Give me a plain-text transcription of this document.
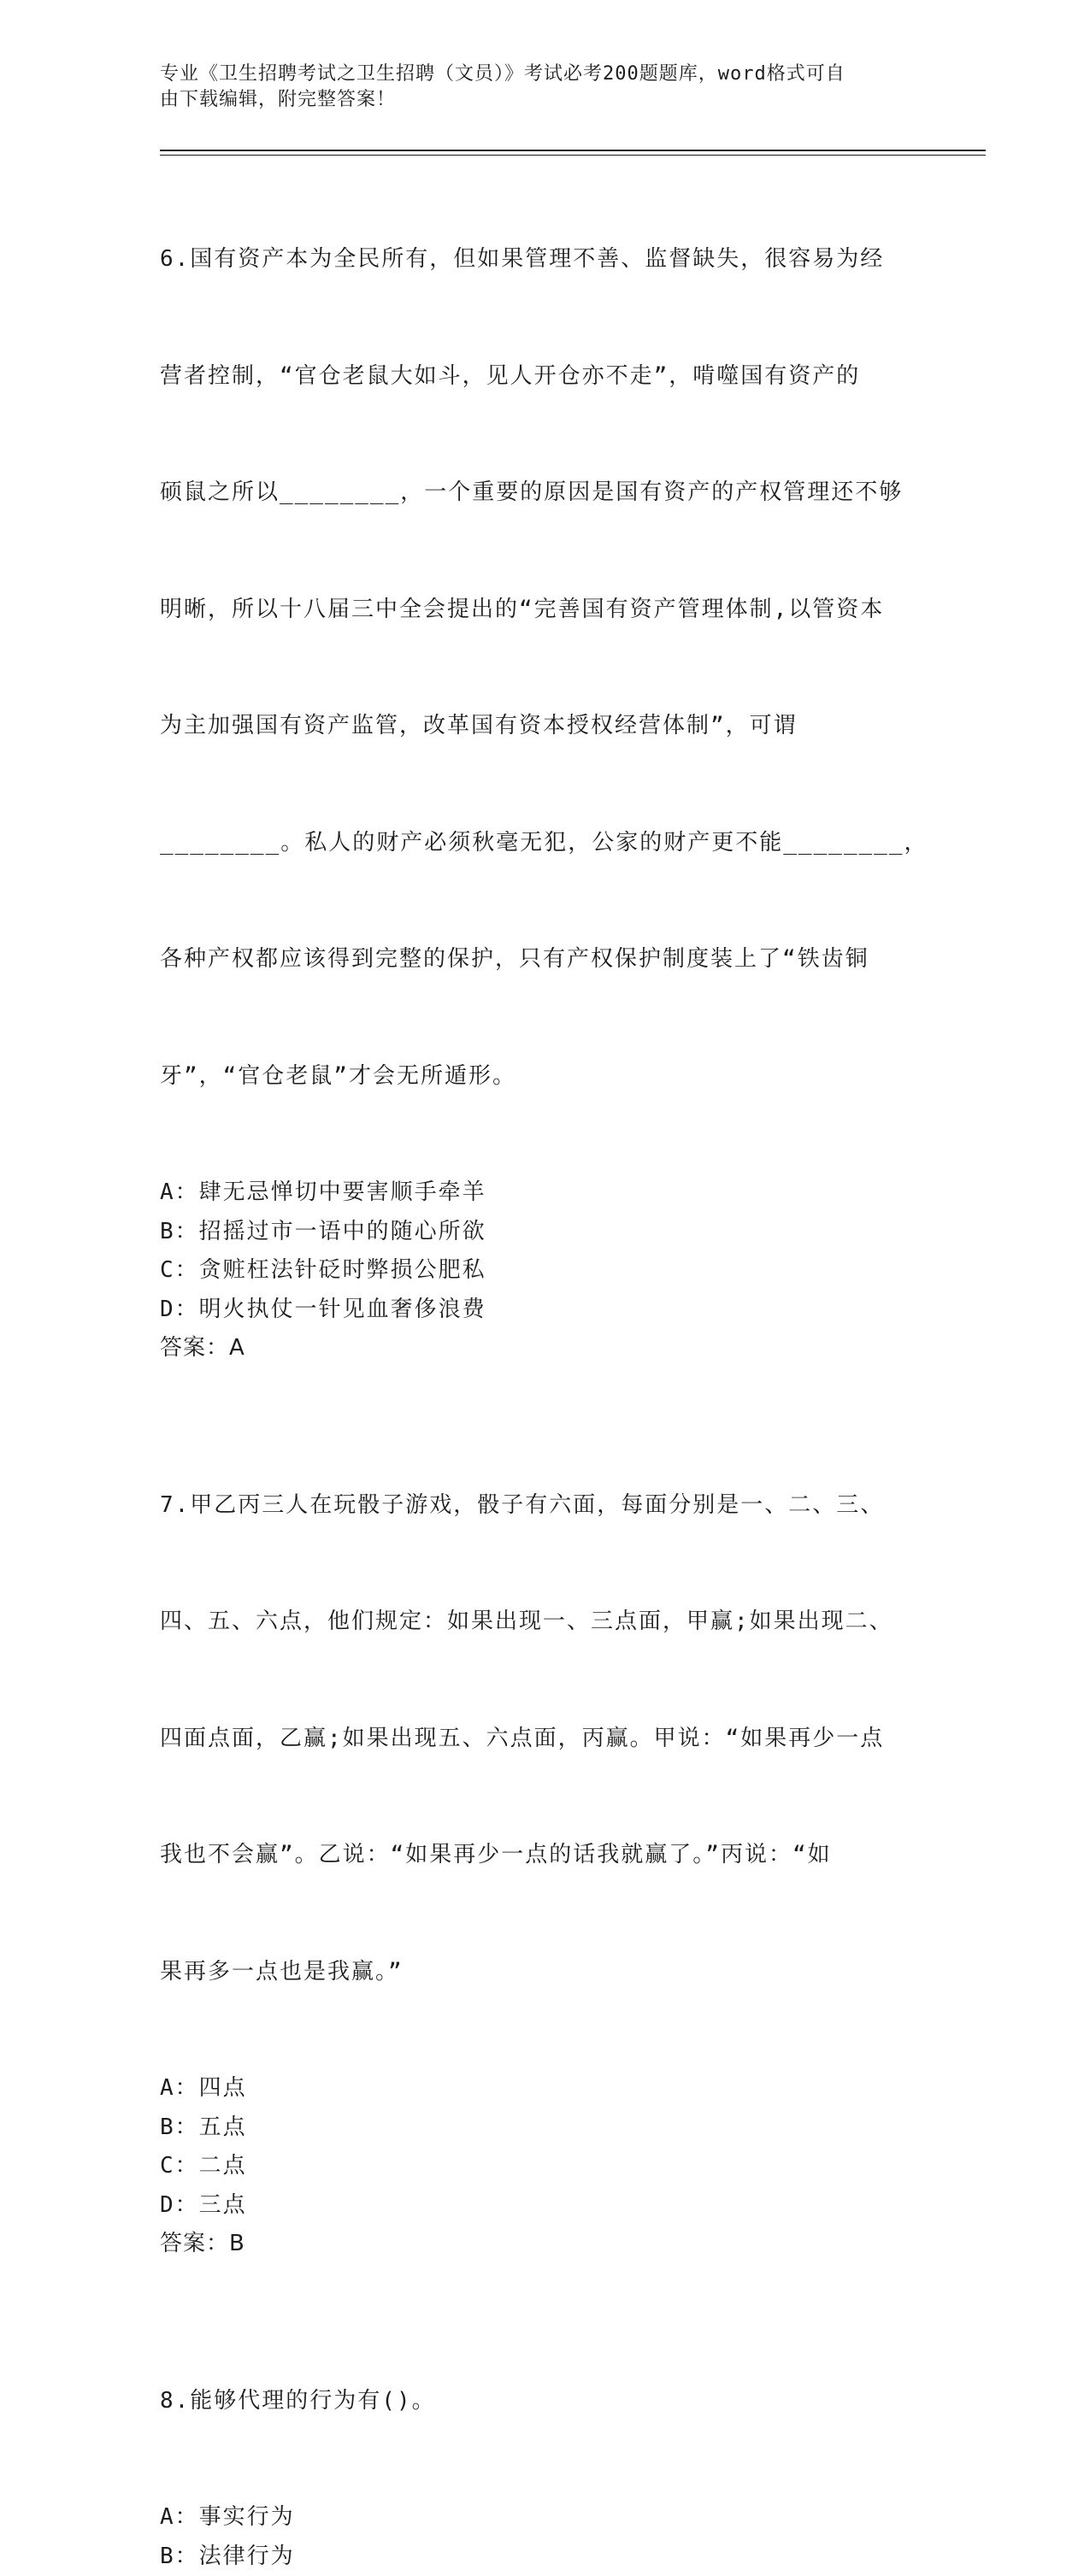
专业《卫生招聘考试之卫生招聘（文员）》考试必考200题题库，word格式可自
由下载编辑，附完整答案！

6.国有资产本为全民所有，但如果管理不善、监督缺失，很容易为经

营者控制，“官仓老鼠大如斗，见人开仓亦不走”，啃噬国有资产的

硕鼠之所以________，一个重要的原因是国有资产的产权管理还不够

明晰，所以十八届三中全会提出的“完善国有资产管理体制,以管资本

为主加强国有资产监管，改革国有资本授权经营体制”，可谓

________。私人的财产必须秋毫无犯，公家的财产更不能________，

各种产权都应该得到完整的保护，只有产权保护制度装上了“铁齿铜

牙”，“官仓老鼠”才会无所遁形。

A：肆无忌惮切中要害顺手牵羊
B：招摇过市一语中的随心所欲
C：贪赃枉法针砭时弊损公肥私
D：明火执仗一针见血奢侈浪费
答案：A

7.甲乙丙三人在玩骰子游戏，骰子有六面，每面分别是一、二、三、

四、五、六点，他们规定：如果出现一、三点面，甲赢;如果出现二、

四面点面，乙赢;如果出现五、六点面，丙赢。甲说：“如果再少一点

我也不会赢”。乙说：“如果再少一点的话我就赢了。”丙说：“如

果再多一点也是我赢。”

A：四点
B：五点
C：二点
D：三点
答案：B

8.能够代理的行为有()。

A：事实行为
B：法律行为
